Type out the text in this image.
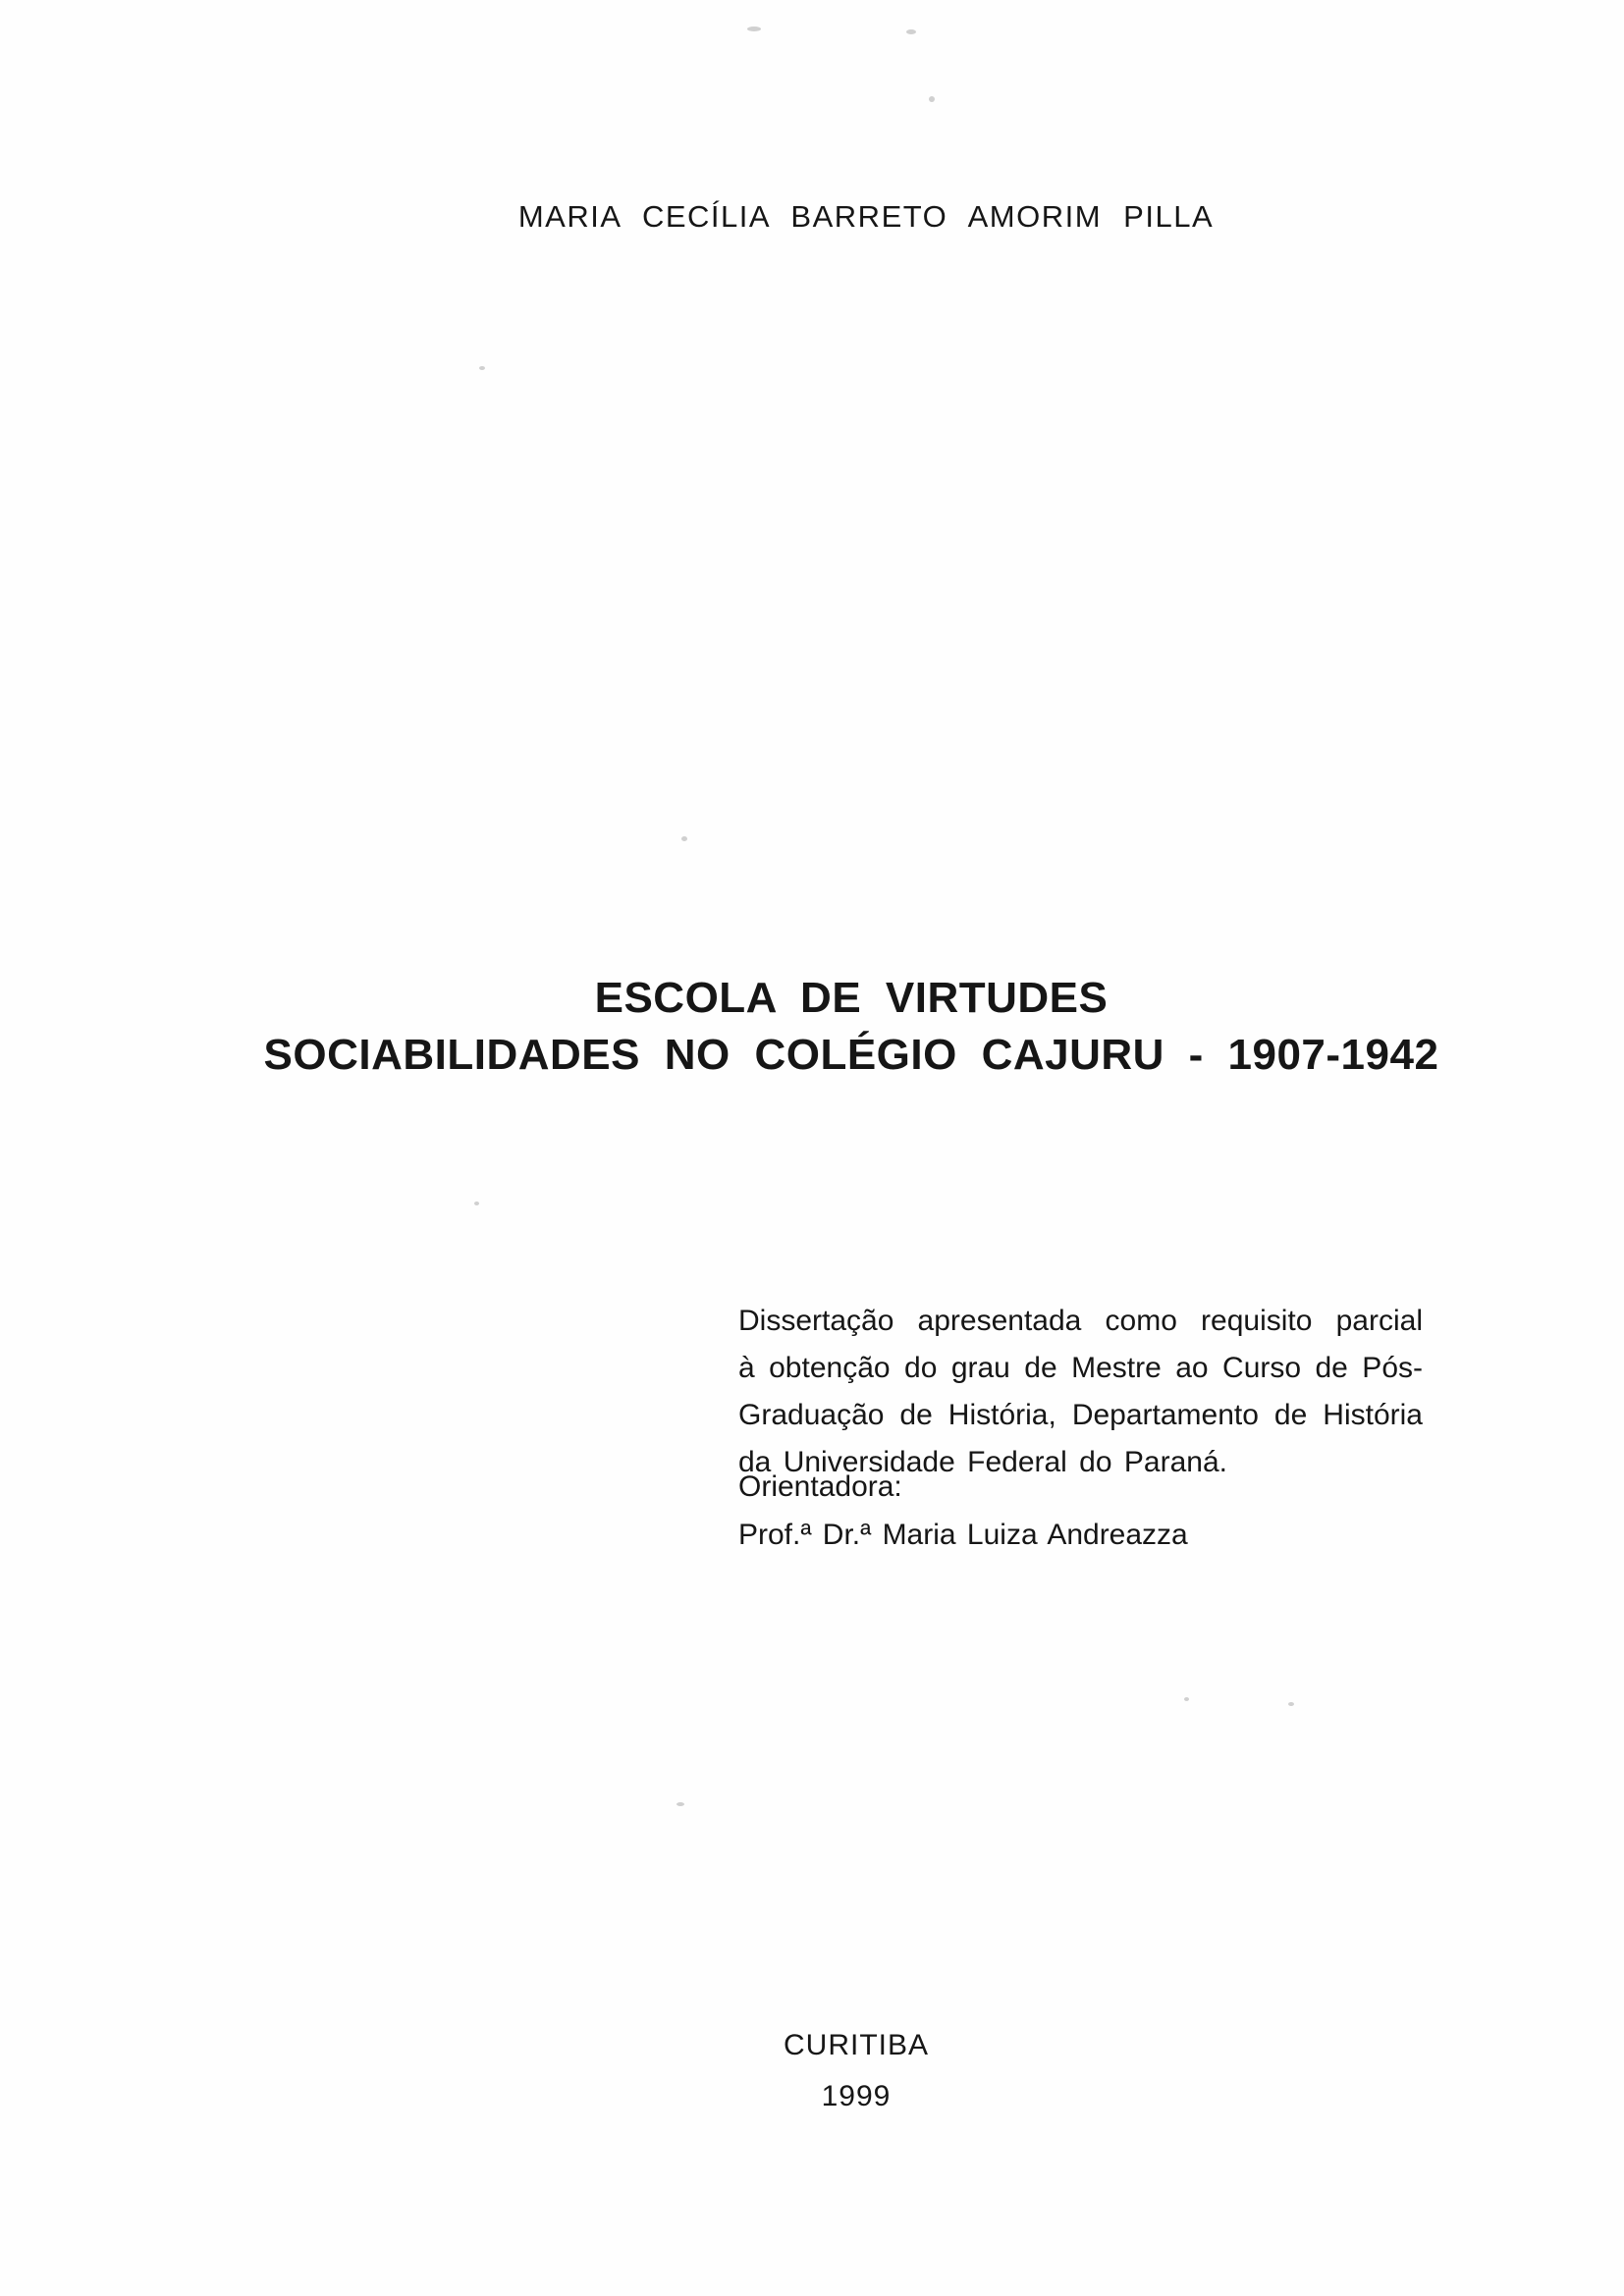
MARIA CECÍLIA BARRETO AMORIM PILLA
ESCOLA DE VIRTUDES
SOCIABILIDADES NO COLÉGIO CAJURU - 1907-1942
Dissertação apresentada como requisito parcial
à obtenção do grau de Mestre ao Curso de Pós-
Graduação de História, Departamento de História
da Universidade Federal do Paraná.
Orientadora:
Prof.ª Dr.ª Maria Luiza Andreazza
CURITIBA
1999
